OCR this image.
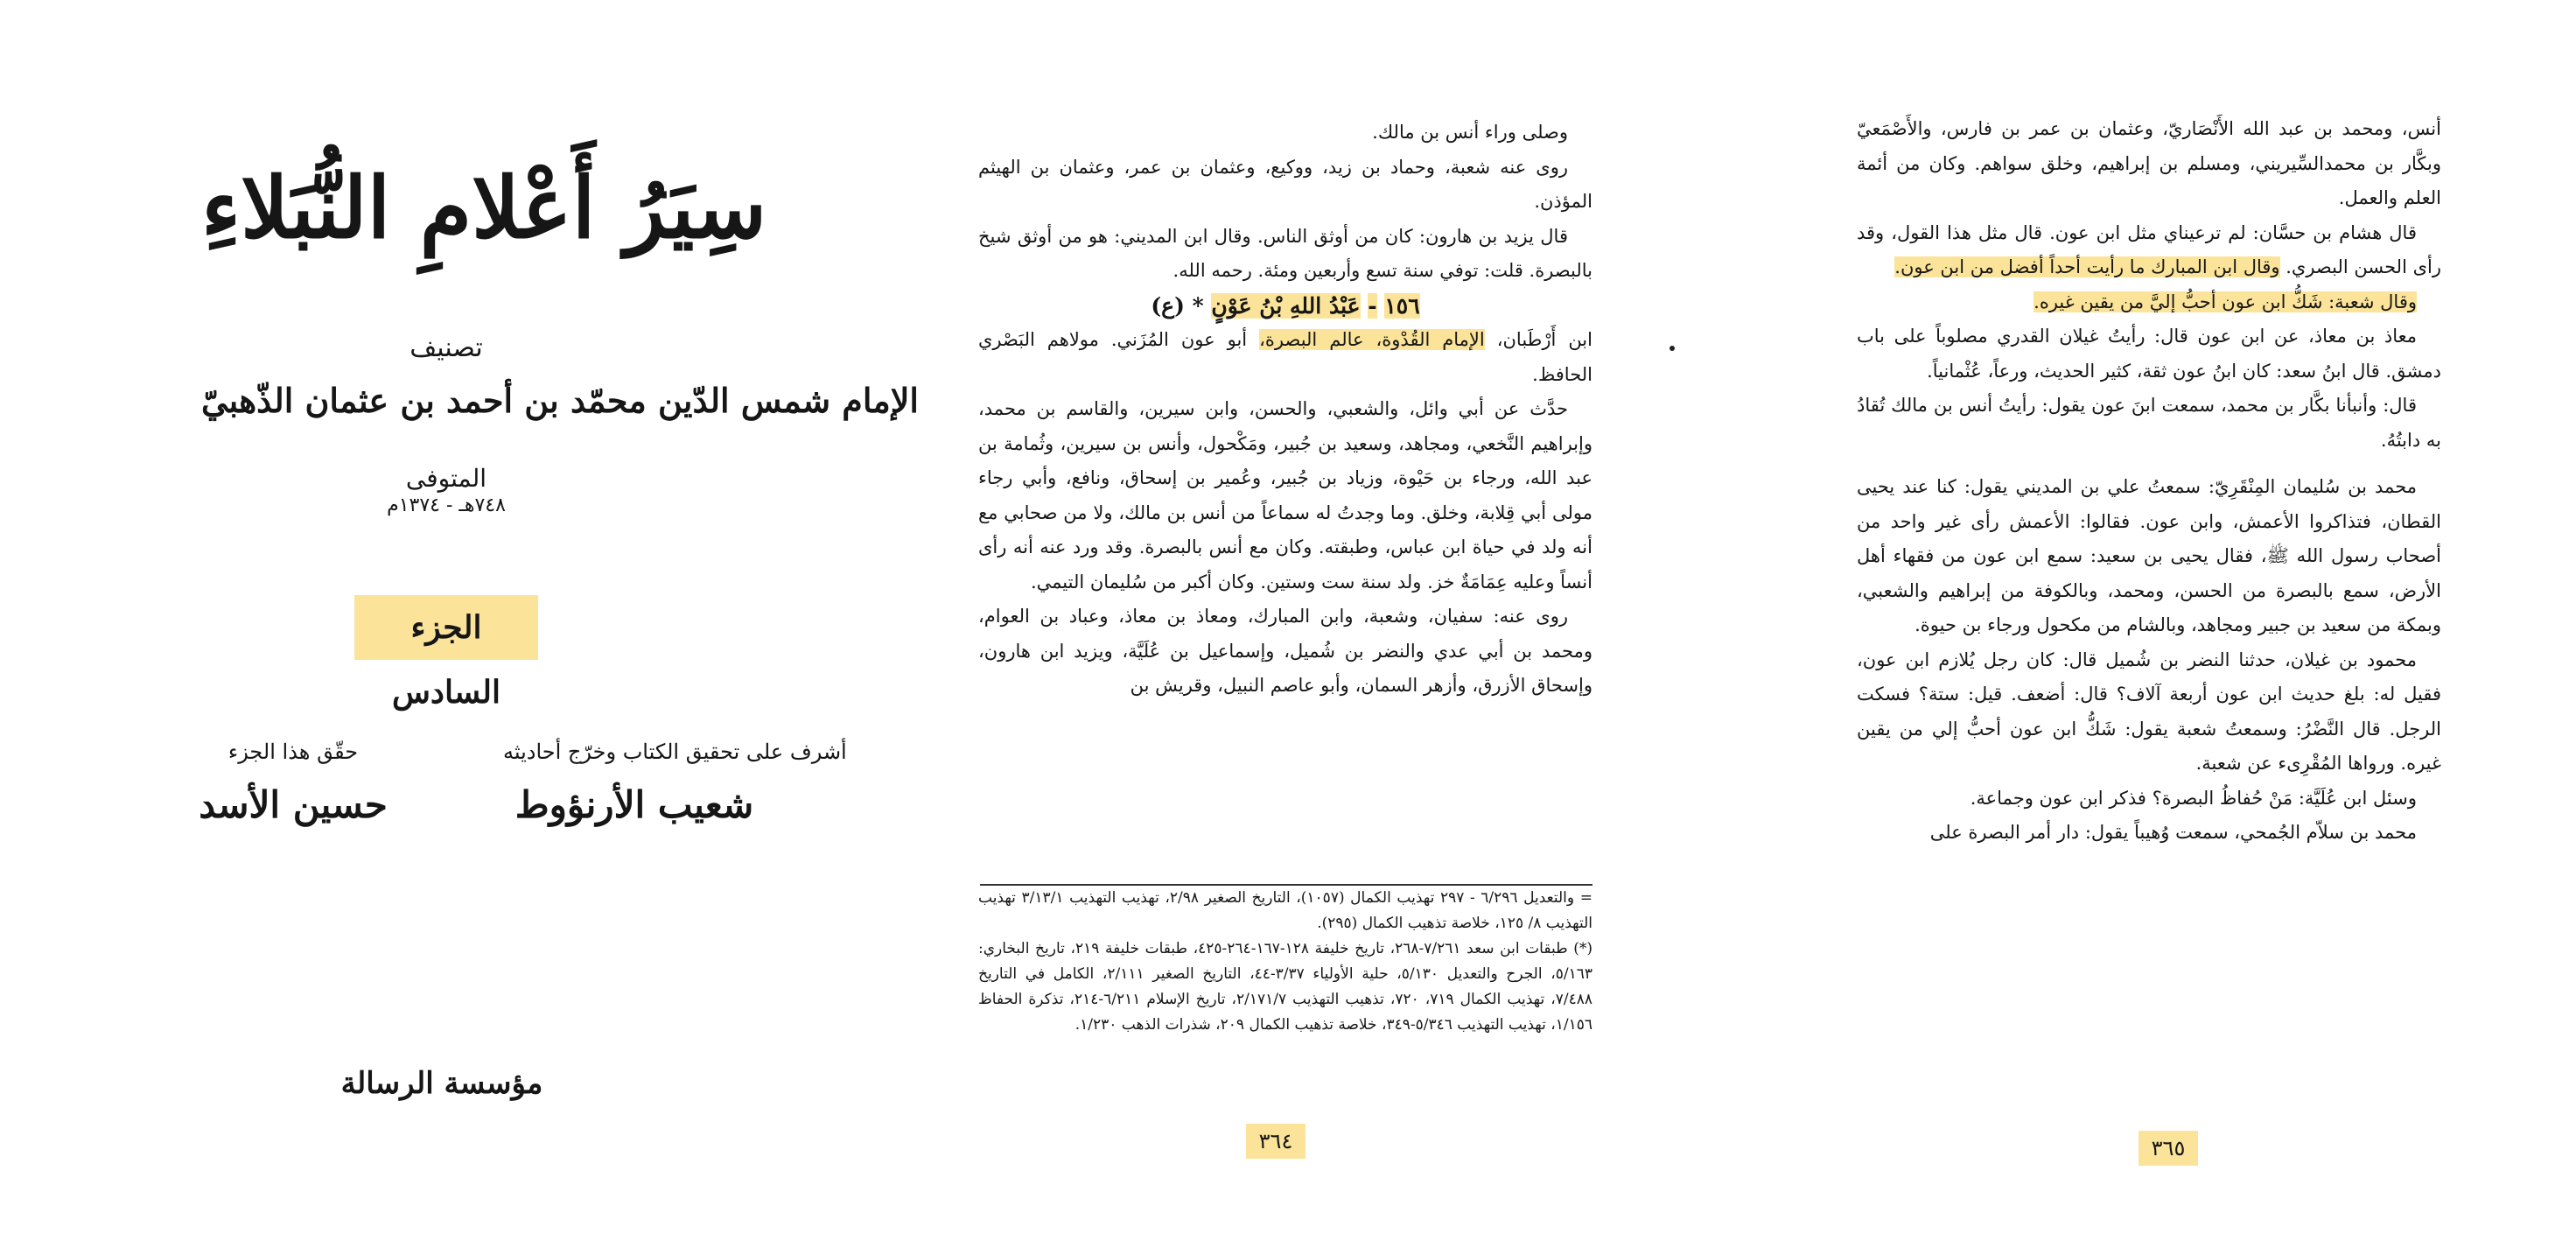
سِيَرُ أَعْلامِ النُّبَلاءِ
تصنيف
الإمام شمس الدّين محمّد بن أحمد بن عثمان الذّهبيّ
المتوفى
٧٤٨هـ - ١٣٧٤م
الجزء السادس
أشرف على تحقيق الكتاب وخرّج أحاديثه
شعيب الأرنؤوط
حقّق هذا الجزء
حسين الأسد
مؤسسة الرسالة

وصلى وراء أنس بن مالك.

روى عنه شعبة، وحماد بن زيد، ووكيع، وعثمان بن عمر، وعثمان بن الهيثم المؤذن.

قال يزيد بن هارون: كان من أوثق الناس. وقال ابن المديني: هو من أوثق شيخ بالبصرة. قلت: توفي سنة تسع وأربعين ومئة. رحمه الله.

١٥٦ - عَبْدُ اللهِ بْنُ عَوْنٍ * (ع)

ابن أَرْطَبان، الإمام القُدْوة، عالم البصرة، أبو عون المُزَني. مولاهم البَصْري الحافظ.

حدَّث عن أبي وائل، والشعبي، والحسن، وابن سيرين، والقاسم بن محمد، وإبراهيم النَّخعي، ومجاهد، وسعيد بن جُبير، ومَكْحول، وأنس بن سيرين، وثُمامة بن عبد الله، ورجاء بن حَيْوة، وزياد بن جُبير، وعُمير بن إسحاق، ونافع، وأبي رجاء مولى أبي قِلابة، وخلق. وما وجدتُ له سماعاً من أنس بن مالك، ولا من صحابي مع أنه ولد في حياة ابن عباس، وطبقته. وكان مع أنس بالبصرة. وقد ورد عنه أنه رأى أنساً وعليه عِمَامَةٌ خز. ولد سنة ست وستين. وكان أكبر من سُليمان التيمي.

روى عنه: سفيان، وشعبة، وابن المبارك، ومعاذ بن معاذ، وعباد بن العوام، ومحمد بن أبي عدي والنضر بن شُميل، وإسماعيل بن عُلَيَّة، ويزيد ابن هارون، وإسحاق الأزرق، وأزهر السمان، وأبو عاصم النبيل، وقريش بن

= والتعديل ٦/٢٩٦ - ٢٩٧ تهذيب الكمال (١٠٥٧)، التاريخ الصغير ٢/٩٨، تهذيب التهذيب ٣/١٣/١ تهذيب التهذيب ٨/ ١٢٥، خلاصة تذهيب الكمال (٢٩٥).

(*) طبقات ابن سعد ٧/٢٦١-٢٦٨، تاريخ خليفة ١٢٨-١٦٧-٢٦٤-٤٢٥، طبقات خليفة ٢١٩، تاريخ البخاري: ٥/١٦٣، الجرح والتعديل ٥/١٣٠، حلية الأولياء ٣/٣٧-٤٤، التاريخ الصغير ٢/١١١، الكامل في التاريخ ٧/٤٨٨، تهذيب الكمال ٧١٩، ٧٢٠، تذهيب التهذيب ٢/١٧١/٧، تاريخ الإسلام ٦/٢١١-٢١٤، تذكرة الحفاظ ١/١٥٦، تهذيب التهذيب ٥/٣٤٦-٣٤٩، خلاصة تذهيب الكمال ٢٠٩، شذرات الذهب ١/٢٣٠.

٣٦٤

أنس، ومحمد بن عبد الله الأَنْصَاريّ، وعثمان بن عمر بن فارس، والأَصْمَعيّ وبكَّار بن محمدالسِّيريني، ومسلم بن إبراهيم، وخلق سواهم. وكان من أئمة العلم والعمل.

قال هشام بن حسَّان: لم ترعيناي مثل ابن عون. قال مثل هذا القول، وقد رأى الحسن البصري. وقال ابن المبارك ما رأيت أحداً أفضل من ابن عون.

وقال شعبة: شَكُّ ابن عون أحبُّ إليَّ من يقين غيره.

معاذ بن معاذ، عن ابن عون قال: رأيتُ غيلان القدري مصلوباً على باب دمشق. قال ابنُ سعد: كان ابنُ عون ثقة، كثير الحديث، ورعاً، عُثْمانياً.

قال: وأنبأنا بكَّار بن محمد، سمعت ابنَ عون يقول: رأيتُ أنس بن مالك تُقادُ به دابتُهُ.

محمد بن سُليمان المِنْقَرِيّ: سمعتُ علي بن المديني يقول: كنا عند يحيى القطان، فتذاكروا الأعمش، وابن عون. فقالوا: الأعمش رأى غير واحد من أصحاب رسول الله ﷺ، فقال يحيى بن سعيد: سمع ابن عون من فقهاء أهل الأرض، سمع بالبصرة من الحسن، ومحمد، وبالكوفة من إبراهيم والشعبي، وبمكة من سعيد بن جبير ومجاهد، وبالشام من مكحول ورجاء بن حيوة.

محمود بن غيلان، حدثنا النضر بن شُميل قال: كان رجل يُلازم ابن عون، فقيل له: بلغ حديث ابن عون أربعة آلاف؟ قال: أضعف. قيل: ستة؟ فسكت الرجل. قال النَّضْرُ: وسمعتُ شعبة يقول: شَكُّ ابن عون أحبُّ إلي من يقين غيره. ورواها المُقْرِىء عن شعبة.

وسئل ابن عُلَيَّة: مَنْ حُفاظُ البصرة؟ فذكر ابن عون وجماعة.

محمد بن سلاّم الجُمحي، سمعت وُهيباً يقول: دار أمر البصرة على

٣٦٥
